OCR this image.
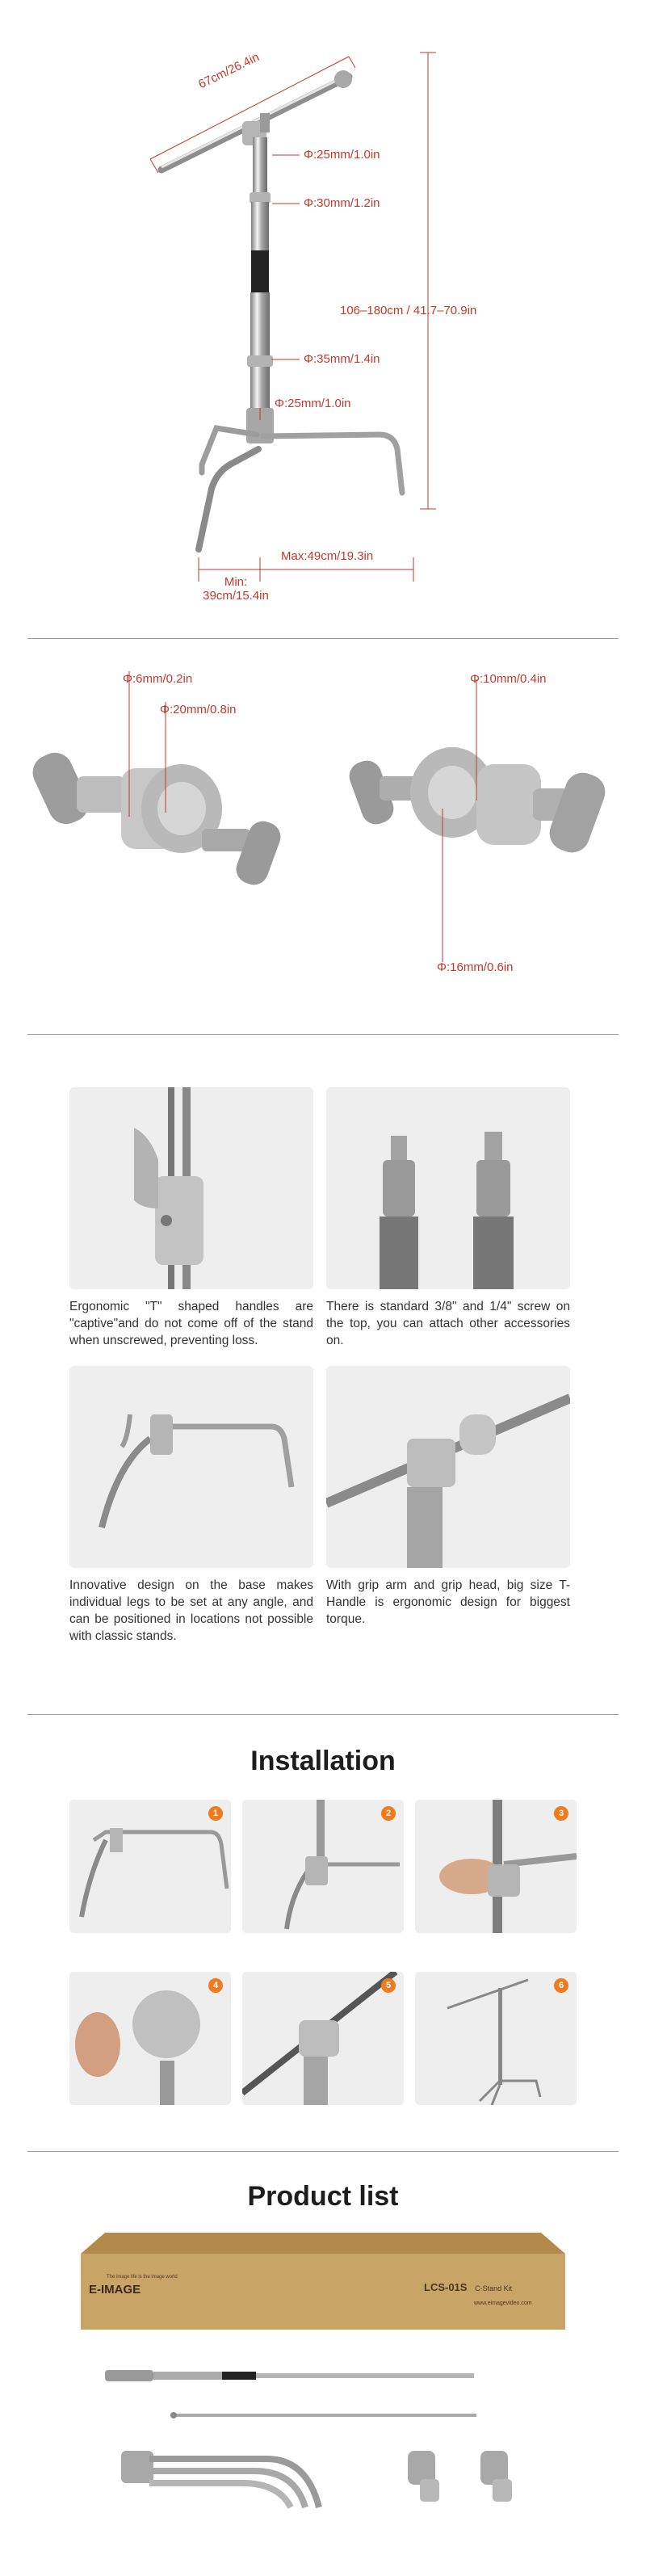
67cm/26.4in
Φ:25mm/1.0in
Φ:30mm/1.2in
106–180cm / 41.7–70.9in
Φ:35mm/1.4in
Φ:25mm/1.0in
Max:49cm/19.3in
Min:
39cm/15.4in
Φ:6mm/0.2in
Φ:20mm/0.8in
Φ:10mm/0.4in
Φ:16mm/0.6in
Ergonomic "T" shaped handles are "captive"and do not come off of the stand when unscrewed, preventing loss.
There is standard 3/8" and 1/4" screw on the top, you can attach other accessories on.
Innovative design on the base makes individual legs to be set at any angle, and can be positioned in locations not possible with classic stands.
With grip arm and grip head, big size T-Handle is ergonomic design for biggest torque.
Installation
1	2	3
4	5	6
Product list
E-IMAGE
The image life is the image world
LCS-01S C-Stand Kit
www.eimagevideo.com
